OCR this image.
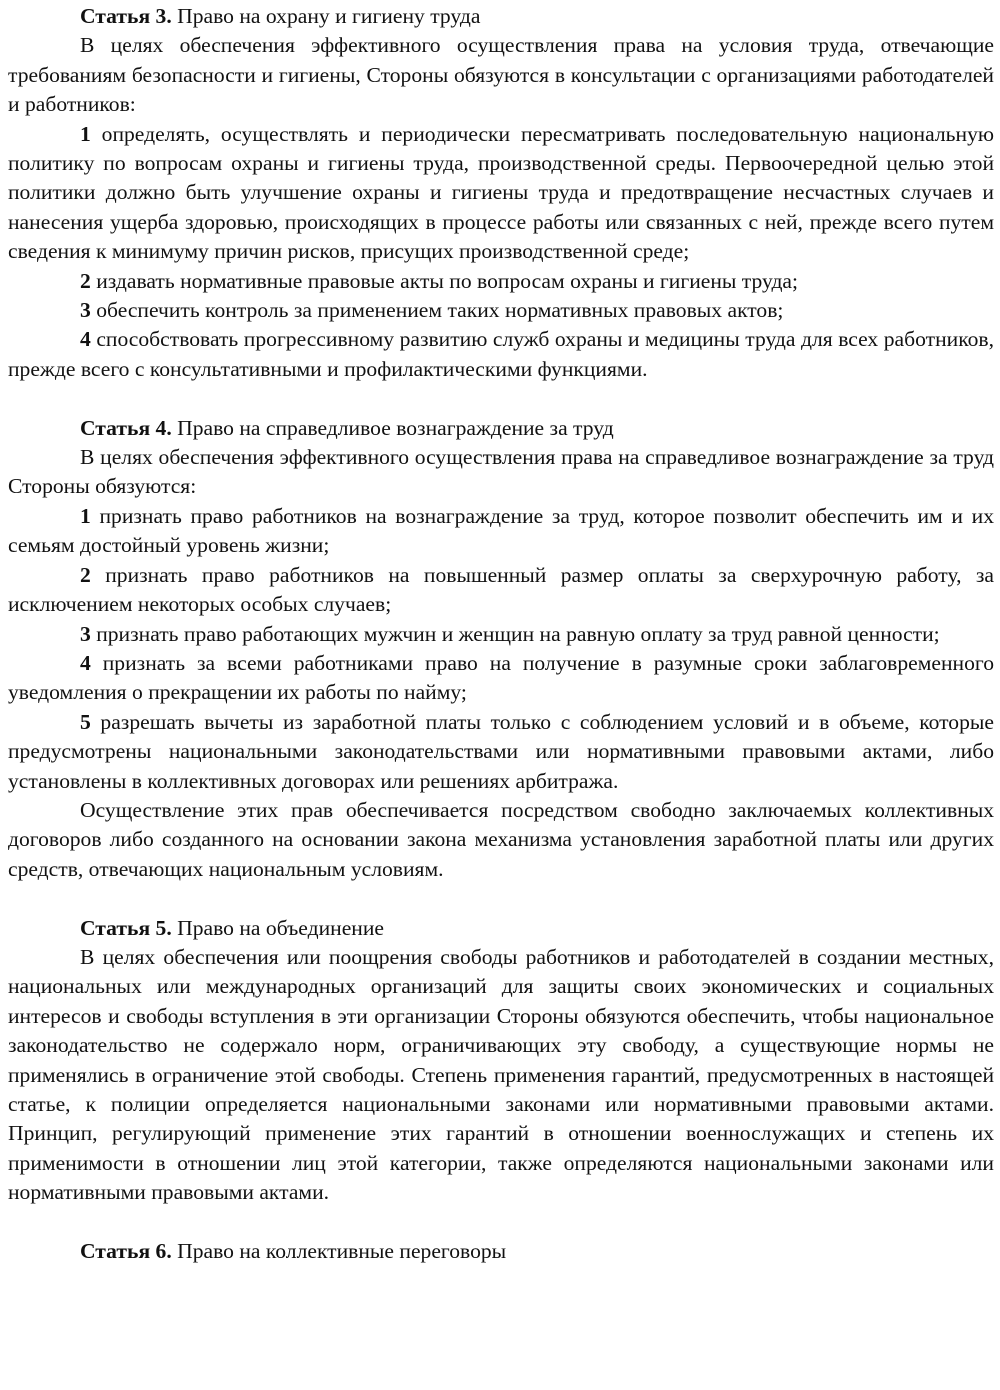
Статья 3. Право на охрану и гигиену труда

В целях обеспечения эффективного осуществления права на условия труда, отвечающие требованиям безопасности и гигиены, Стороны обязуются в консультации с организациями работодателей и работников:

1 определять, осуществлять и периодически пересматривать последовательную национальную политику по вопросам охраны и гигиены труда, производственной среды. Первоочередной целью этой политики должно быть улучшение охраны и гигиены труда и предотвращение несчастных случаев и нанесения ущерба здоровью, происходящих в процессе работы или связанных с ней, прежде всего путем сведения к минимуму причин рисков, присущих производственной среде;

2 издавать нормативные правовые акты по вопросам охраны и гигиены труда;

3 обеспечить контроль за применением таких нормативных правовых актов;

4 способствовать прогрессивному развитию служб охраны и медицины труда для всех работников, прежде всего с консультативными и профилактическими функциями.

Статья 4. Право на справедливое вознаграждение за труд

В целях обеспечения эффективного осуществления права на справедливое вознаграждение за труд Стороны обязуются:

1 признать право работников на вознаграждение за труд, которое позволит обеспечить им и их семьям достойный уровень жизни;

2 признать право работников на повышенный размер оплаты за сверхурочную работу, за исключением некоторых особых случаев;

3 признать право работающих мужчин и женщин на равную оплату за труд равной ценности;

4 признать за всеми работниками право на получение в разумные сроки заблаговременного уведомления о прекращении их работы по найму;

5 разрешать вычеты из заработной платы только с соблюдением условий и в объеме, которые предусмотрены национальными законодательствами или нормативными правовыми актами, либо установлены в коллективных договорах или решениях арбитража.

Осуществление этих прав обеспечивается посредством свободно заключаемых коллективных договоров либо созданного на основании закона механизма установления заработной платы или других средств, отвечающих национальным условиям.

Статья 5. Право на объединение

В целях обеспечения или поощрения свободы работников и работодателей в создании местных, национальных или международных организаций для защиты своих экономических и социальных интересов и свободы вступления в эти организации Стороны обязуются обеспечить, чтобы национальное законодательство не содержало норм, ограничивающих эту свободу, а существующие нормы не применялись в ограничение этой свободы. Степень применения гарантий, предусмотренных в настоящей статье, к полиции определяется национальными законами или нормативными правовыми актами. Принцип, регулирующий применение этих гарантий в отношении военнослужащих и степень их применимости в отношении лиц этой категории, также определяются национальными законами или нормативными правовыми актами.

Статья 6. Право на коллективные переговоры
